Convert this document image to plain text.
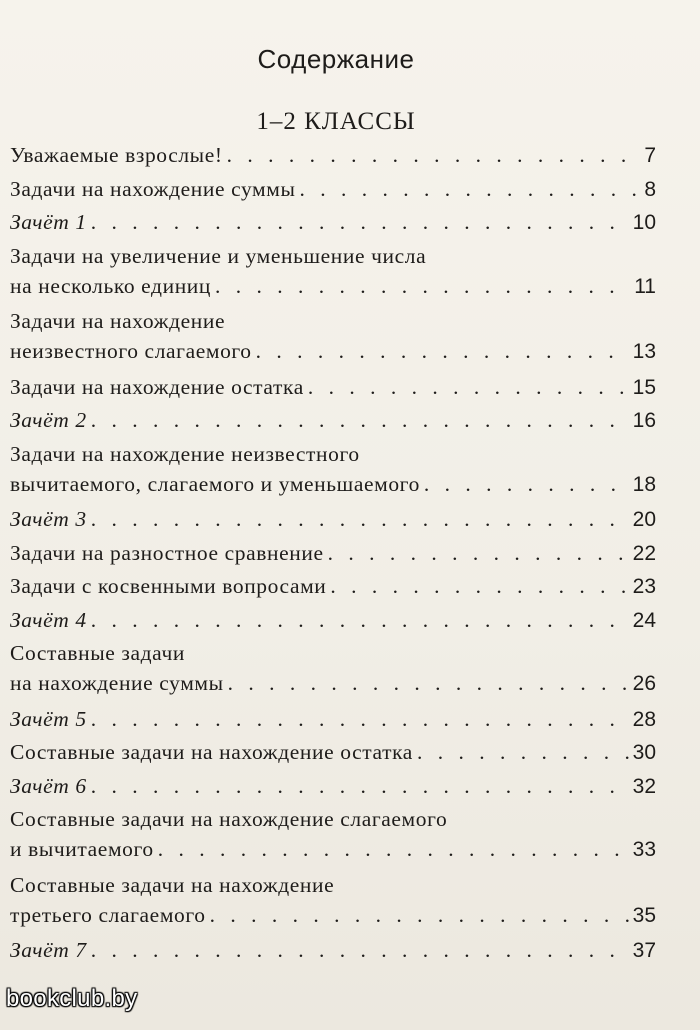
Содержание
1–2 КЛАССЫ
Уважаемые взрослые! . . .	7
Задачи на нахождение суммы . . .	8
Зачёт 1 . . .	10
Задачи на увеличение и уменьшение числа
на несколько единиц . . .	11
Задачи на нахождение
неизвестного слагаемого . . .	13
Задачи на нахождение остатка . . .	15
Зачёт 2 . . .	16
Задачи на нахождение неизвестного
вычитаемого, слагаемого и уменьшаемого . . .	18
Зачёт 3 . . .	20
Задачи на разностное сравнение . . .	22
Задачи с косвенными вопросами . . .	23
Зачёт 4 . . .	24
Составные задачи
на нахождение суммы . . .	26
Зачёт 5 . . .	28
Составные задачи на нахождение остатка . . .	30
Зачёт 6 . . .	32
Составные задачи на нахождение слагаемого
и вычитаемого . . .	33
Составные задачи на нахождение
третьего слагаемого . . .	35
Зачёт 7 . . .	37
bookclub.by
